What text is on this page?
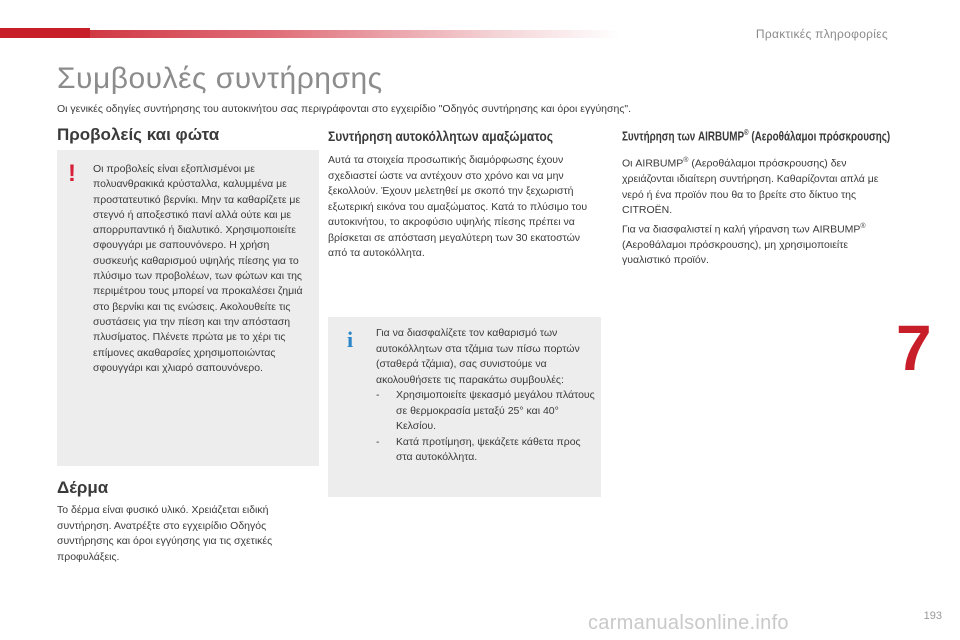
Πρακτικές πληροφορίες
Συμβουλές συντήρησης
Οι γενικές οδηγίες συντήρησης του αυτοκινήτου σας περιγράφονται στο εγχειρίδιο "Οδηγός συντήρησης και όροι εγγύησης".
Προβολείς και φώτα
! Οι προβολείς είναι εξοπλισμένοι με πολυανθρακικά κρύσταλλα, καλυμμένα με προστατευτικό βερνίκι. Μην τα καθαρίζετε με στεγνό ή αποξεστικό πανί αλλά ούτε και με απορρυπαντικό ή διαλυτικό. Χρησιμοποιείτε σφουγγάρι με σαπουνόνερο. Η χρήση συσκευής καθαρισμού υψηλής πίεσης για το πλύσιμο των προβολέων, των φώτων και της περιμέτρου τους μπορεί να προκαλέσει ζημιά στο βερνίκι και τις ενώσεις. Ακολουθείτε τις συστάσεις για την πίεση και την απόσταση πλυσίματος. Πλένετε πρώτα με το χέρι τις επίμονες ακαθαρσίες χρησιμοποιώντας σφουγγάρι και χλιαρό σαπουνόνερο.
Δέρμα
Το δέρμα είναι φυσικό υλικό. Χρειάζεται ειδική συντήρηση. Ανατρέξτε στο εγχειρίδιο Οδηγός συντήρησης και όροι εγγύησης για τις σχετικές προφυλάξεις.
Συντήρηση αυτοκόλλητων αμαξώματος
Αυτά τα στοιχεία προσωπικής διαμόρφωσης έχουν σχεδιαστεί ώστε να αντέχουν στο χρόνο και να μην ξεκολλούν. Έχουν μελετηθεί με σκοπό την ξεχωριστή εξωτερική εικόνα του αμαξώματος. Κατά το πλύσιμο του αυτοκινήτου, το ακροφύσιο υψηλής πίεσης πρέπει να βρίσκεται σε απόσταση μεγαλύτερη των 30 εκατοστών από τα αυτοκόλλητα.
i Για να διασφαλίζετε τον καθαρισμό των αυτοκόλλητων στα τζάμια των πίσω πορτών (σταθερά τζάμια), σας συνιστούμε να ακολουθήσετε τις παρακάτω συμβουλές:
-	Χρησιμοποιείτε ψεκασμό μεγάλου πλάτους σε θερμοκρασία μεταξύ 25° και 40° Κελσίου.
-	Κατά προτίμηση, ψεκάζετε κάθετα προς στα αυτοκόλλητα.
Συντήρηση των AIRBUMP® (Αεροθάλαμοι πρόσκρουσης)
Οι AIRBUMP® (Αεροθάλαμοι πρόσκρουσης) δεν χρειάζονται ιδιαίτερη συντήρηση. Καθαρίζονται απλά με νερό ή ένα προϊόν που θα το βρείτε στο δίκτυο της CITROËN.
Για να διασφαλιστεί η καλή γήρανση των AIRBUMP® (Αεροθάλαμοι πρόσκρουσης), μη χρησιμοποιείτε γυαλιστικό προϊόν.
7
carmanualsonline.info	193
